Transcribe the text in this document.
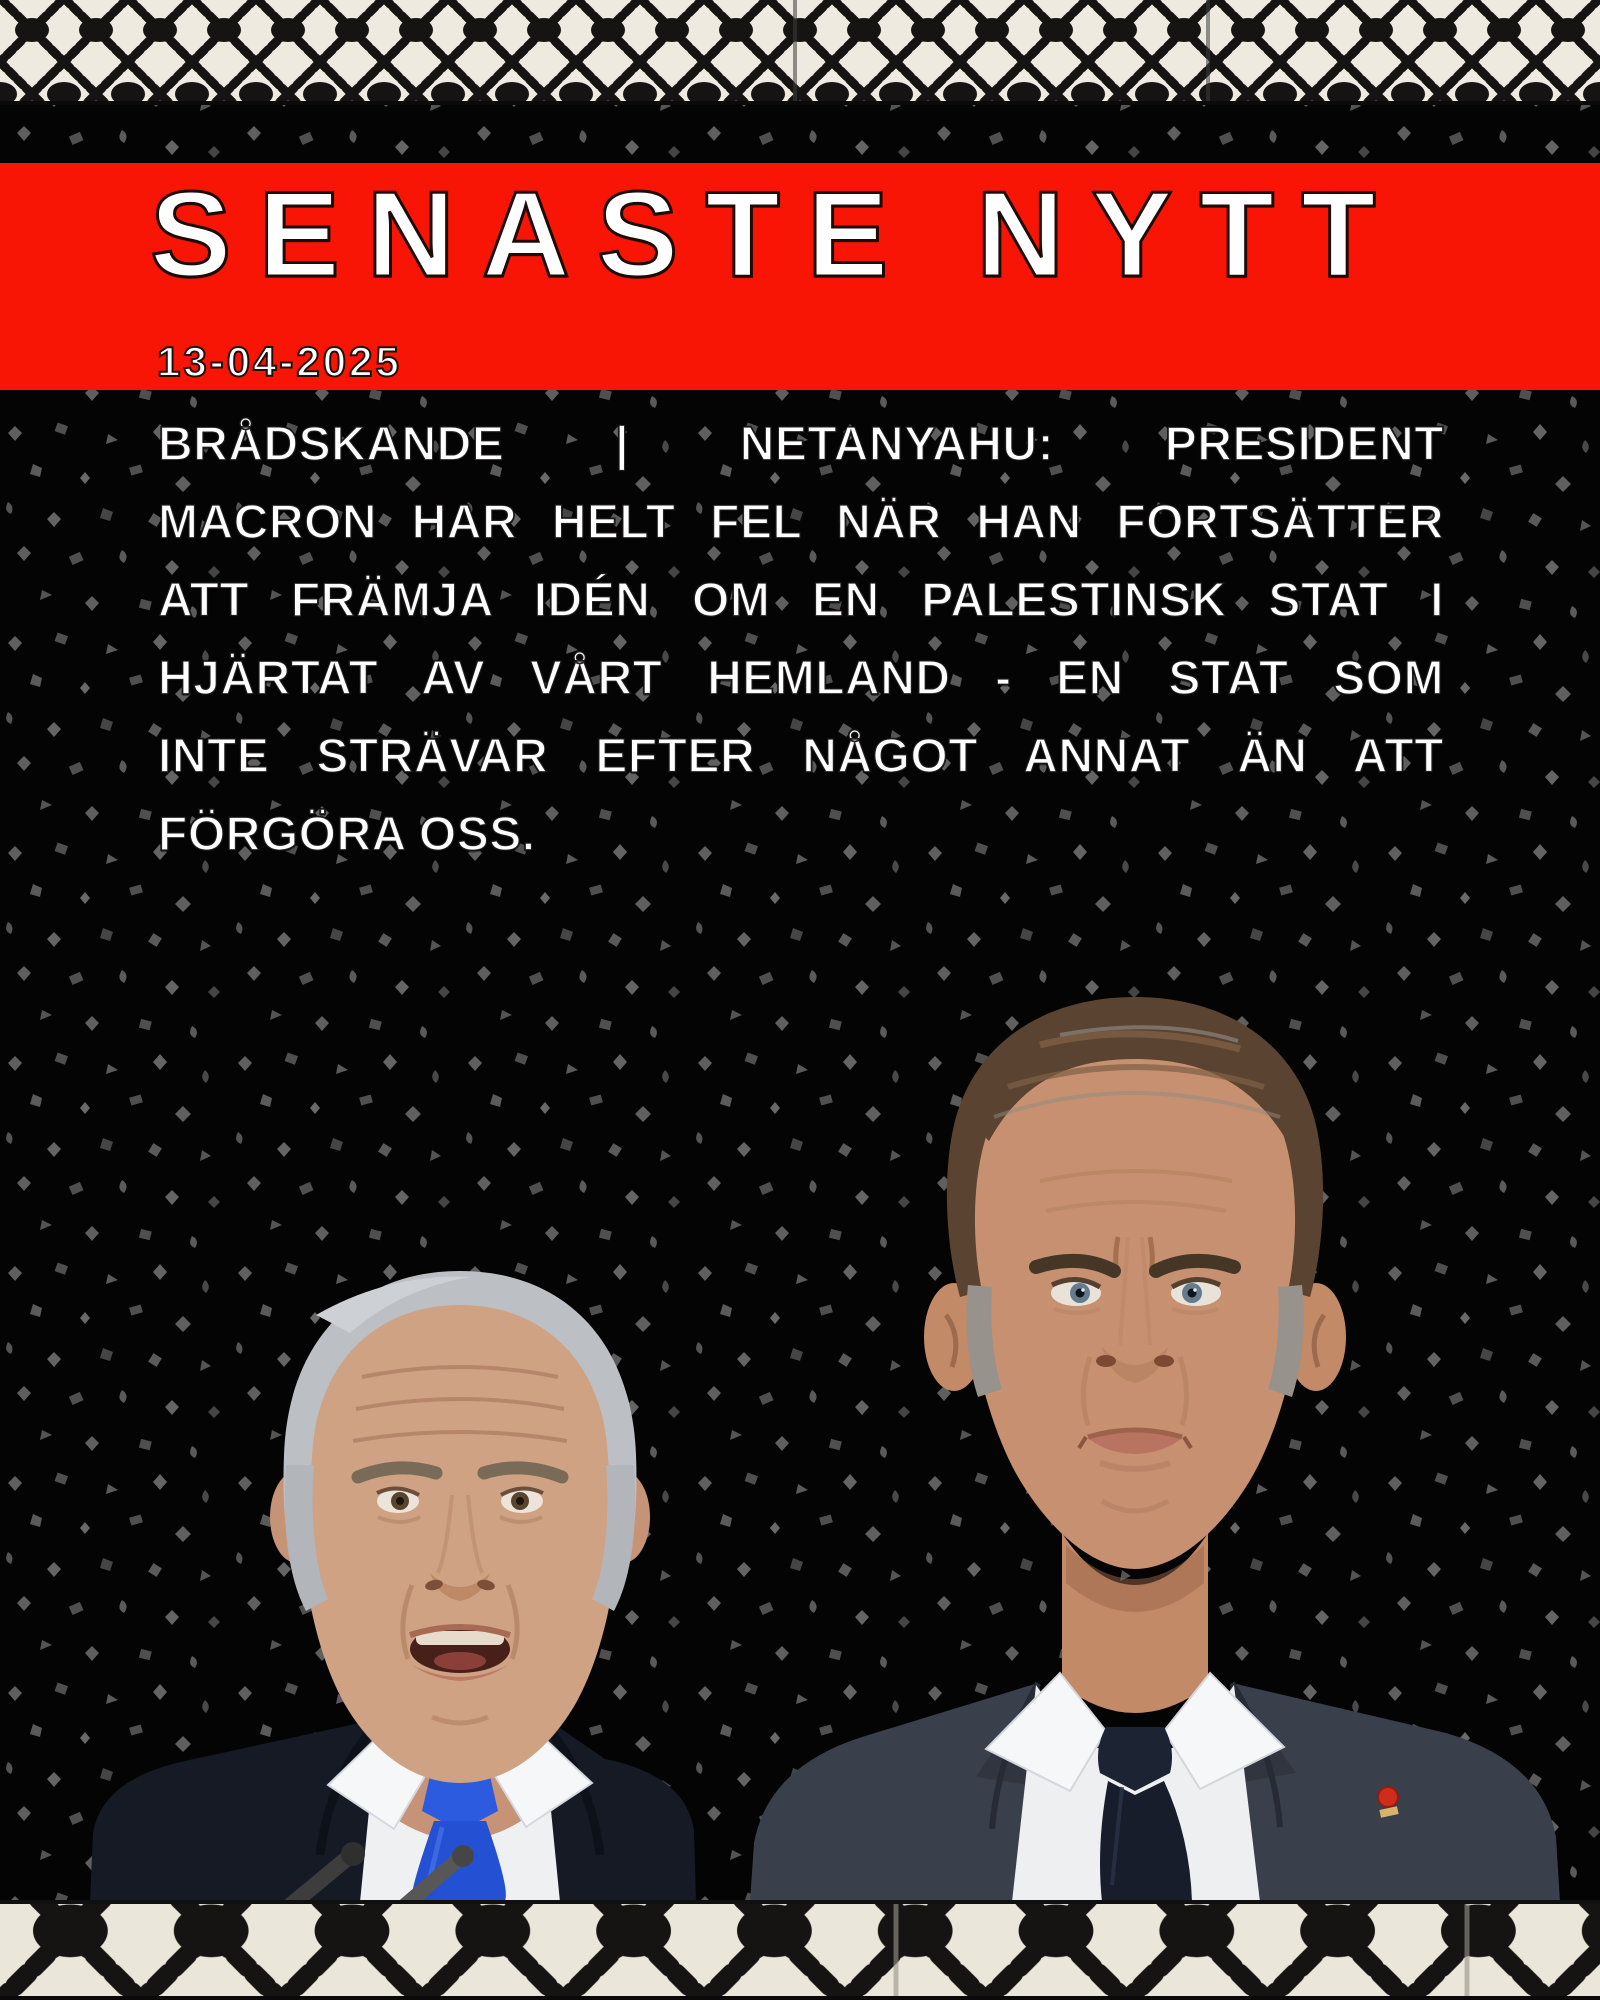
SENASTE NYTT
13-04-2025
BRÅDSKANDE | NETANYAHU: PRESIDENT
MACRON HAR HELT FEL NÄR HAN FORTSÄTTER
ATT FRÄMJA IDÉN OM EN PALESTINSK STAT I
HJÄRTAT AV VÅRT HEMLAND - EN STAT SOM
INTE STRÄVAR EFTER NÅGOT ANNAT ÄN ATT
FÖRGÖRA OSS.
